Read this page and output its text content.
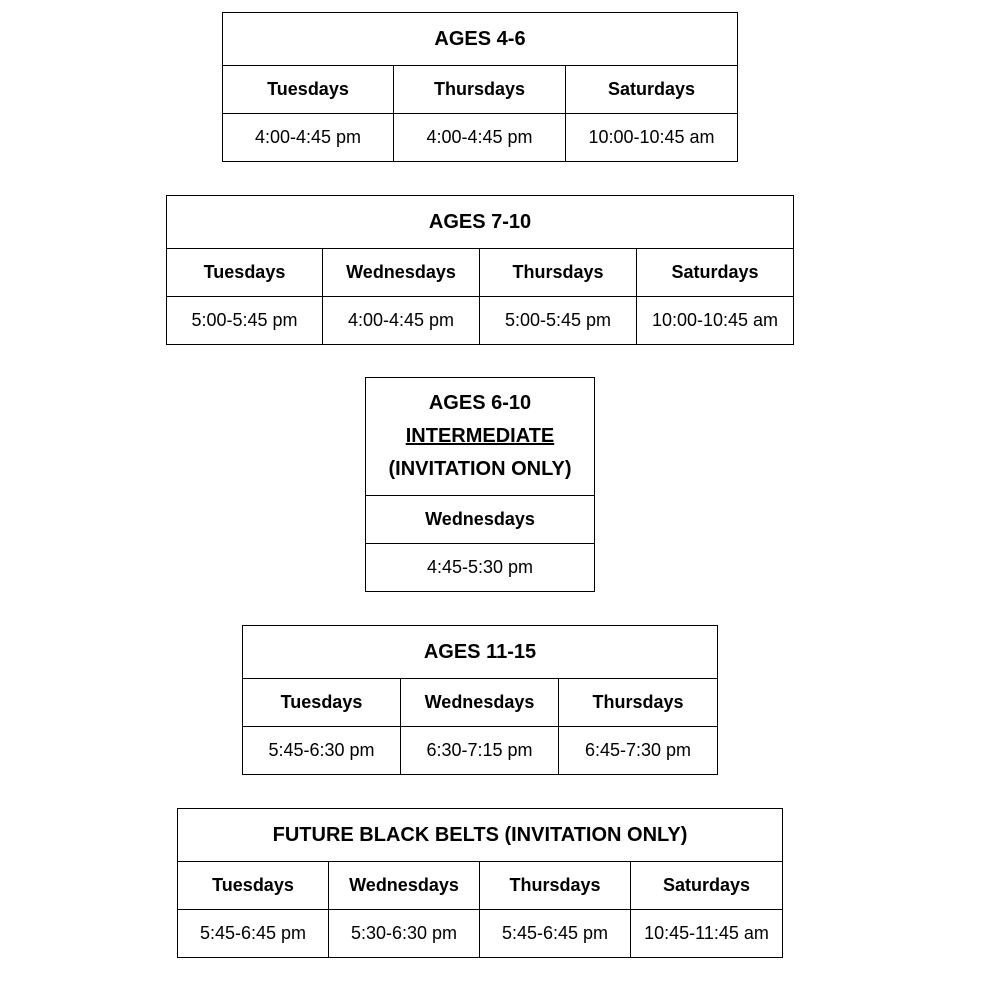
AGES 4-6		
Tuesdays	Thursdays	Saturdays
4:00-4:45 pm	4:00-4:45 pm	10:00-10:45 am
AGES 7-10			
Tuesdays	Wednesdays	Thursdays	Saturdays
5:00-5:45 pm	4:00-4:45 pm	5:00-5:45 pm	10:00-10:45 am
AGES 6-10
INTERMEDIATE
(INVITATION ONLY)

Wednesdays
4:45-5:30 pm
AGES 11-15		
Tuesdays	Wednesdays	Thursdays
5:45-6:30 pm	6:30-7:15 pm	6:45-7:30 pm
FUTURE BLACK BELTS (INVITATION ONLY)			
Tuesdays	Wednesdays	Thursdays	Saturdays
5:45-6:45 pm	5:30-6:30 pm	5:45-6:45 pm	10:45-11:45 am
